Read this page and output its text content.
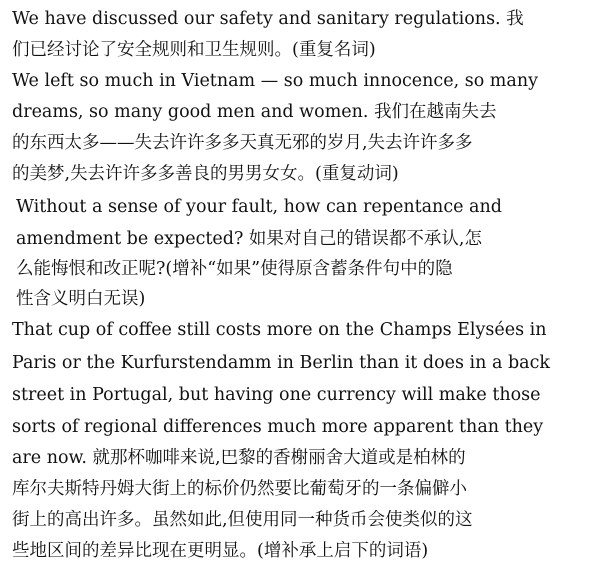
We have discussed our safety and sanitary regulations. 我
们已经讨论了安全规则和卫生规则。(重复名词)
We left so much in Vietnam — so much innocence, so many
dreams, so many good men and women. 我们在越南失去
的东西太多——失去许许多多天真无邪的岁月,失去许许多多
的美梦,失去许许多多善良的男男女女。(重复动词)
Without a sense of your fault, how can repentance and
amendment be expected? 如果对自己的错误都不承认,怎
么能悔恨和改正呢?(增补“如果”使得原含蓄条件句中的隐
性含义明白无误)
That cup of coffee still costs more on the Champs Elysées in
Paris or the Kurfurstendamm in Berlin than it does in a back
street in Portugal, but having one currency will make those
sorts of regional differences much more apparent than they
are now. 就那杯咖啡来说,巴黎的香榭丽舍大道或是柏林的
库尔夫斯特丹姆大街上的标价仍然要比葡萄牙的一条偏僻小
街上的高出许多。虽然如此,但使用同一种货币会使类似的这
些地区间的差异比现在更明显。(增补承上启下的词语)
